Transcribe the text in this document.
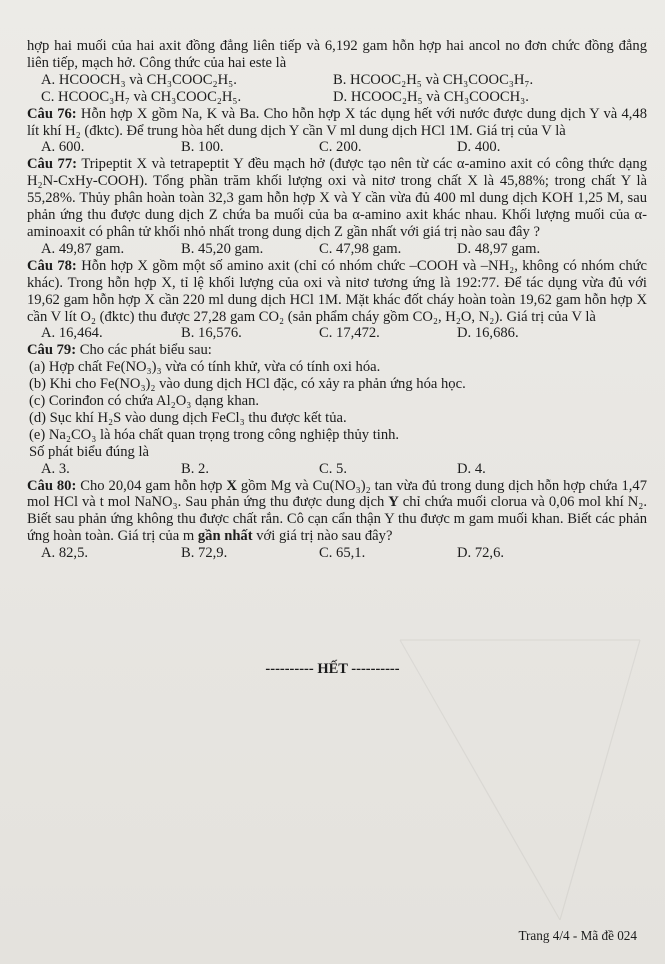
hợp hai muối của hai axit đồng đẳng liên tiếp và 6,192 gam hỗn hợp hai ancol no đơn chức đồng đẳng liên tiếp, mạch hở. Công thức của hai este là

A. HCOOCH₃ và CH₃COOC₂H₅.	B. HCOOC₂H₅ và CH₃COOC₃H₇.
C. HCOOC₃H₇ và CH₃COOC₂H₅.	D. HCOOC₂H₅ và CH₃COOCH₃.

Câu 76: Hỗn hợp X gồm Na, K và Ba. Cho hỗn hợp X tác dụng hết với nước được dung dịch Y và 4,48 lít khí H₂ (đktc). Để trung hòa hết dung dịch Y cần V ml dung dịch HCl 1M. Giá trị của V là

A. 600.	B. 100.	C. 200.	D. 400.

Câu 77: Tripeptit X và tetrapeptit Y đều mạch hở (được tạo nên từ các α-amino axit có công thức dạng H₂N-CxHy-COOH). Tổng phần trăm khối lượng oxi và nitơ trong chất X là 45,88%; trong chất Y là 55,28%. Thủy phân hoàn toàn 32,3 gam hỗn hợp X và Y cần vừa đủ 400 ml dung dịch KOH 1,25 M, sau phản ứng thu được dung dịch Z chứa ba muối của ba α-amino axit khác nhau. Khối lượng muối của α-aminoaxit có phân tử khối nhỏ nhất trong dung dịch Z gần nhất với giá trị nào sau đây ?

A. 49,87 gam.	B. 45,20 gam.	C. 47,98 gam.	D. 48,97 gam.

Câu 78: Hỗn hợp X gồm một số amino axit (chỉ có nhóm chức –COOH và –NH₂, không có nhóm chức khác). Trong hỗn hợp X, tỉ lệ khối lượng của oxi và nitơ tương ứng là 192:77. Để tác dụng vừa đủ với 19,62 gam hỗn hợp X cần 220 ml dung dịch HCl 1M. Mặt khác đốt cháy hoàn toàn 19,62 gam hỗn hợp X cần V lít O₂ (đktc) thu được 27,28 gam CO₂ (sản phẩm cháy gồm CO₂, H₂O, N₂). Giá trị của V là

A. 16,464.	B. 16,576.	C. 17,472.	D. 16,686.

Câu 79: Cho các phát biểu sau:

(a) Hợp chất Fe(NO₃)₃ vừa có tính khử, vừa có tính oxi hóa.

(b) Khi cho Fe(NO₃)₂ vào dung dịch HCl đặc, có xảy ra phản ứng hóa học.

(c) Corinđon có chứa Al₂O₃ dạng khan.

(d) Sục khí H₂S vào dung dịch FeCl₃ thu được kết tủa.

(e) Na₂CO₃ là hóa chất quan trọng trong công nghiệp thủy tinh.

Số phát biểu đúng là

A. 3.	B. 2.	C. 5.	D. 4.

Câu 80: Cho 20,04 gam hỗn hợp X gồm Mg và Cu(NO₃)₂ tan vừa đủ trong dung dịch hỗn hợp chứa 1,47 mol HCl và t mol NaNO₃. Sau phản ứng thu được dung dịch Y chỉ chứa muối clorua và 0,06 mol khí N₂. Biết sau phản ứng không thu được chất rắn. Cô cạn cẩn thận Y thu được m gam muối khan. Biết các phản ứng hoàn toàn. Giá trị của m gần nhất với giá trị nào sau đây?

A. 82,5.	B. 72,9.	C. 65,1.	D. 72,6.
---------- HẾT ----------
Trang 4/4 - Mã đề 024
